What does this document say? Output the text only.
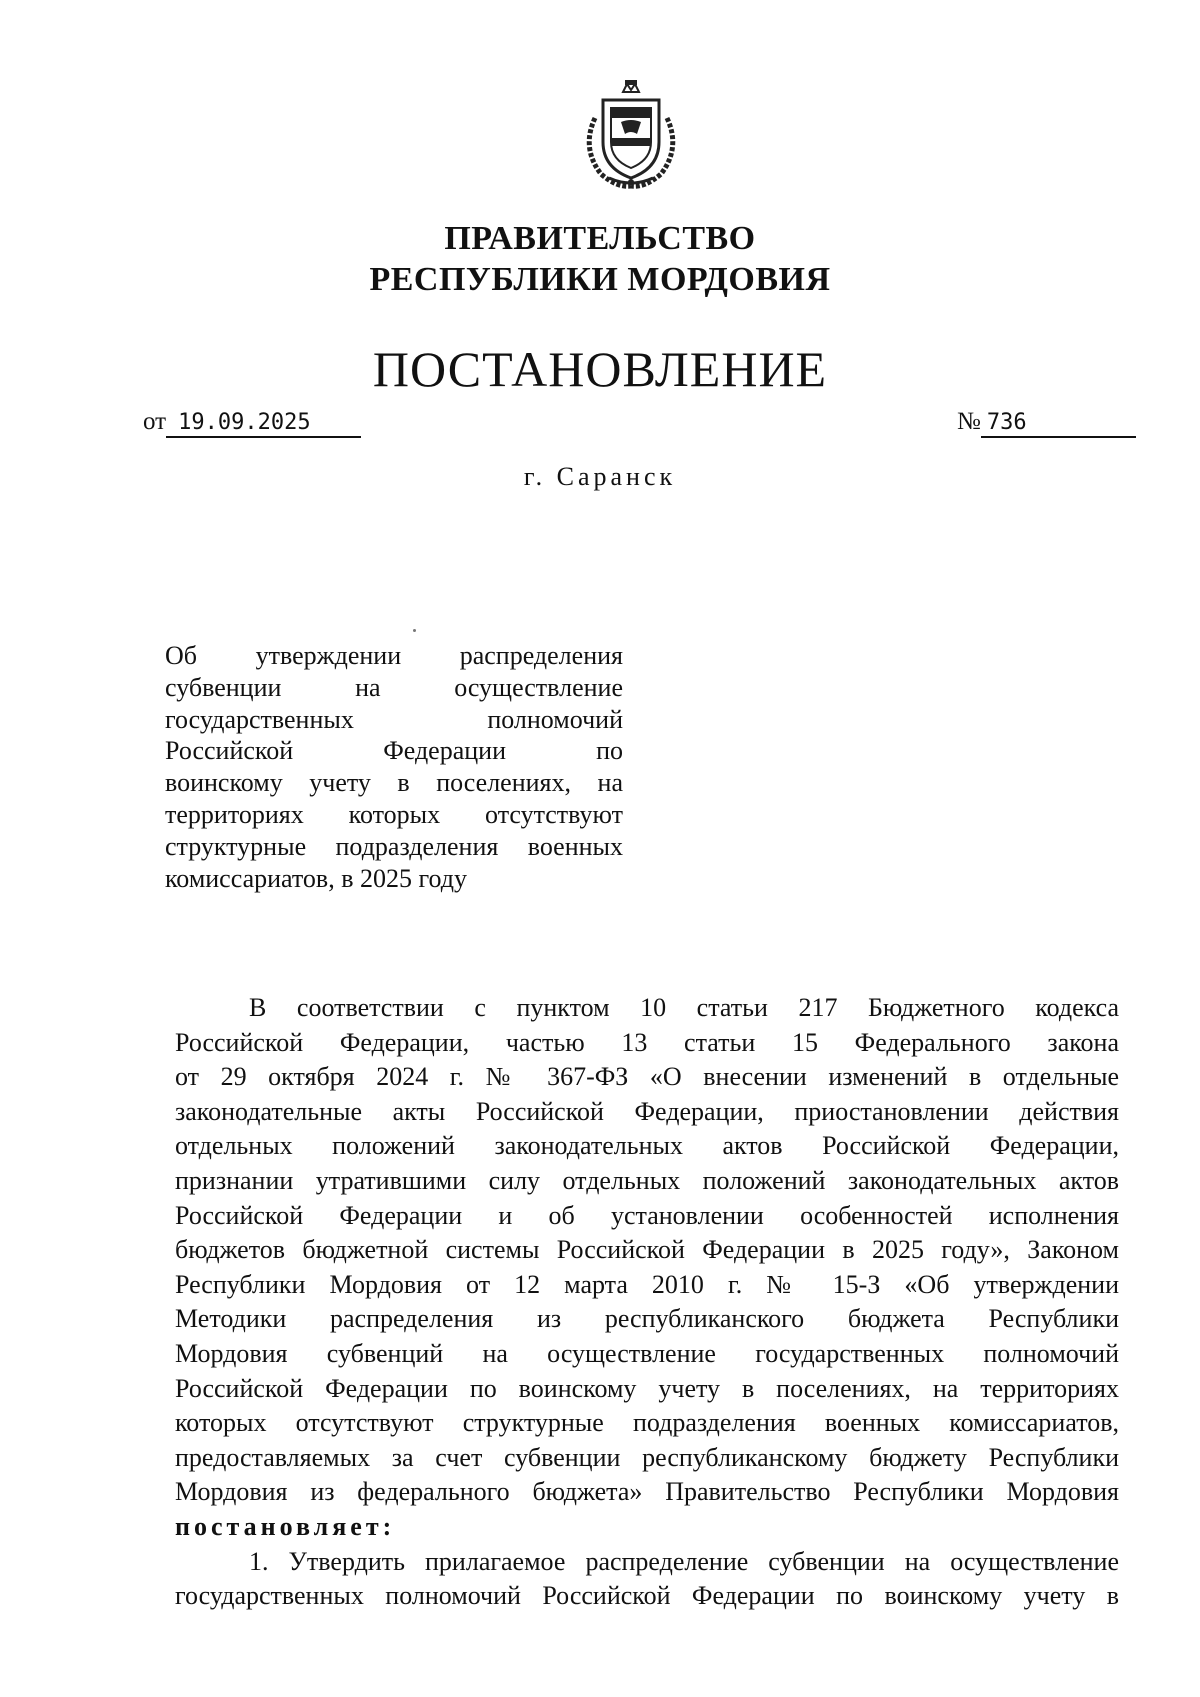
ПРАВИТЕЛЬСТВО
РЕСПУБЛИКИ МОРДОВИЯ
ПОСТАНОВЛЕНИЕ
от 19.09.2025	№ 736
г. Саранск
Об утверждении распределения
субвенции на осуществление
государственных полномочий
Российской Федерации по
воинскому учету в поселениях, на
территориях которых отсутствуют
структурные подразделения военных
комиссариатов, в 2025 году
В соответствии с пунктом 10 статьи 217 Бюджетного кодекса
Российской Федерации, частью 13 статьи 15 Федерального закона
от 29 октября 2024 г. № 367-ФЗ «О внесении изменений в отдельные
законодательные акты Российской Федерации, приостановлении действия
отдельных положений законодательных актов Российской Федерации,
признании утратившими силу отдельных положений законодательных актов
Российской Федерации и об установлении особенностей исполнения
бюджетов бюджетной системы Российской Федерации в 2025 году», Законом
Республики Мордовия от 12 марта 2010 г. № 15-З «Об утверждении
Методики распределения из республиканского бюджета Республики
Мордовия субвенций на осуществление государственных полномочий
Российской Федерации по воинскому учету в поселениях, на территориях
которых отсутствуют структурные подразделения военных комиссариатов,
предоставляемых за счет субвенции республиканскому бюджету Республики
Мордовия из федерального бюджета» Правительство Республики Мордовия
постановляет:
1. Утвердить прилагаемое распределение субвенции на осуществление
государственных полномочий Российской Федерации по воинскому учету в
